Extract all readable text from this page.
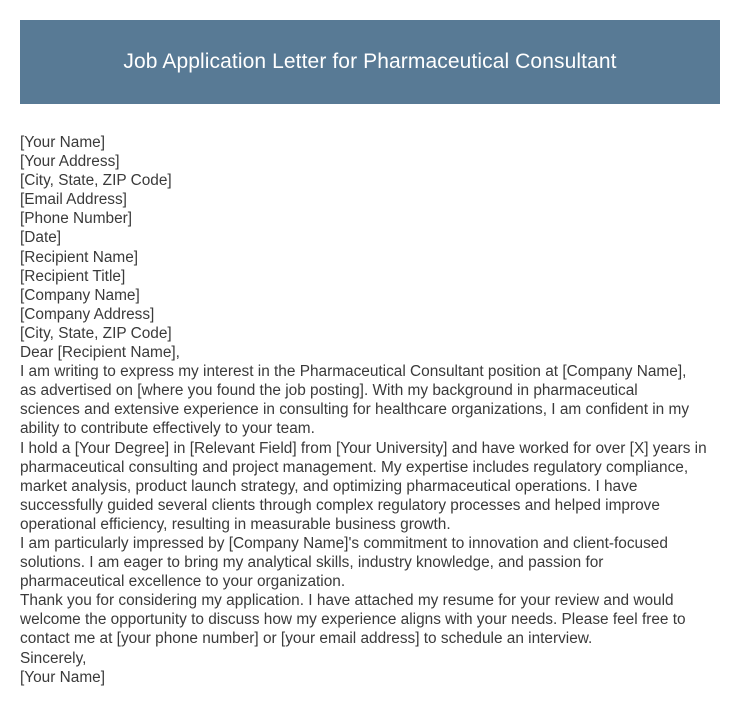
Job Application Letter for Pharmaceutical Consultant
[Your Name]
[Your Address]
[City, State, ZIP Code]
[Email Address]
[Phone Number]
[Date]
[Recipient Name]
[Recipient Title]
[Company Name]
[Company Address]
[City, State, ZIP Code]
Dear [Recipient Name],
I am writing to express my interest in the Pharmaceutical Consultant position at [Company Name],
as advertised on [where you found the job posting]. With my background in pharmaceutical
sciences and extensive experience in consulting for healthcare organizations, I am confident in my
ability to contribute effectively to your team.
I hold a [Your Degree] in [Relevant Field] from [Your University] and have worked for over [X] years in
pharmaceutical consulting and project management. My expertise includes regulatory compliance,
market analysis, product launch strategy, and optimizing pharmaceutical operations. I have
successfully guided several clients through complex regulatory processes and helped improve
operational efficiency, resulting in measurable business growth.
I am particularly impressed by [Company Name]'s commitment to innovation and client-focused
solutions. I am eager to bring my analytical skills, industry knowledge, and passion for
pharmaceutical excellence to your organization.
Thank you for considering my application. I have attached my resume for your review and would
welcome the opportunity to discuss how my experience aligns with your needs. Please feel free to
contact me at [your phone number] or [your email address] to schedule an interview.
Sincerely,
[Your Name]
